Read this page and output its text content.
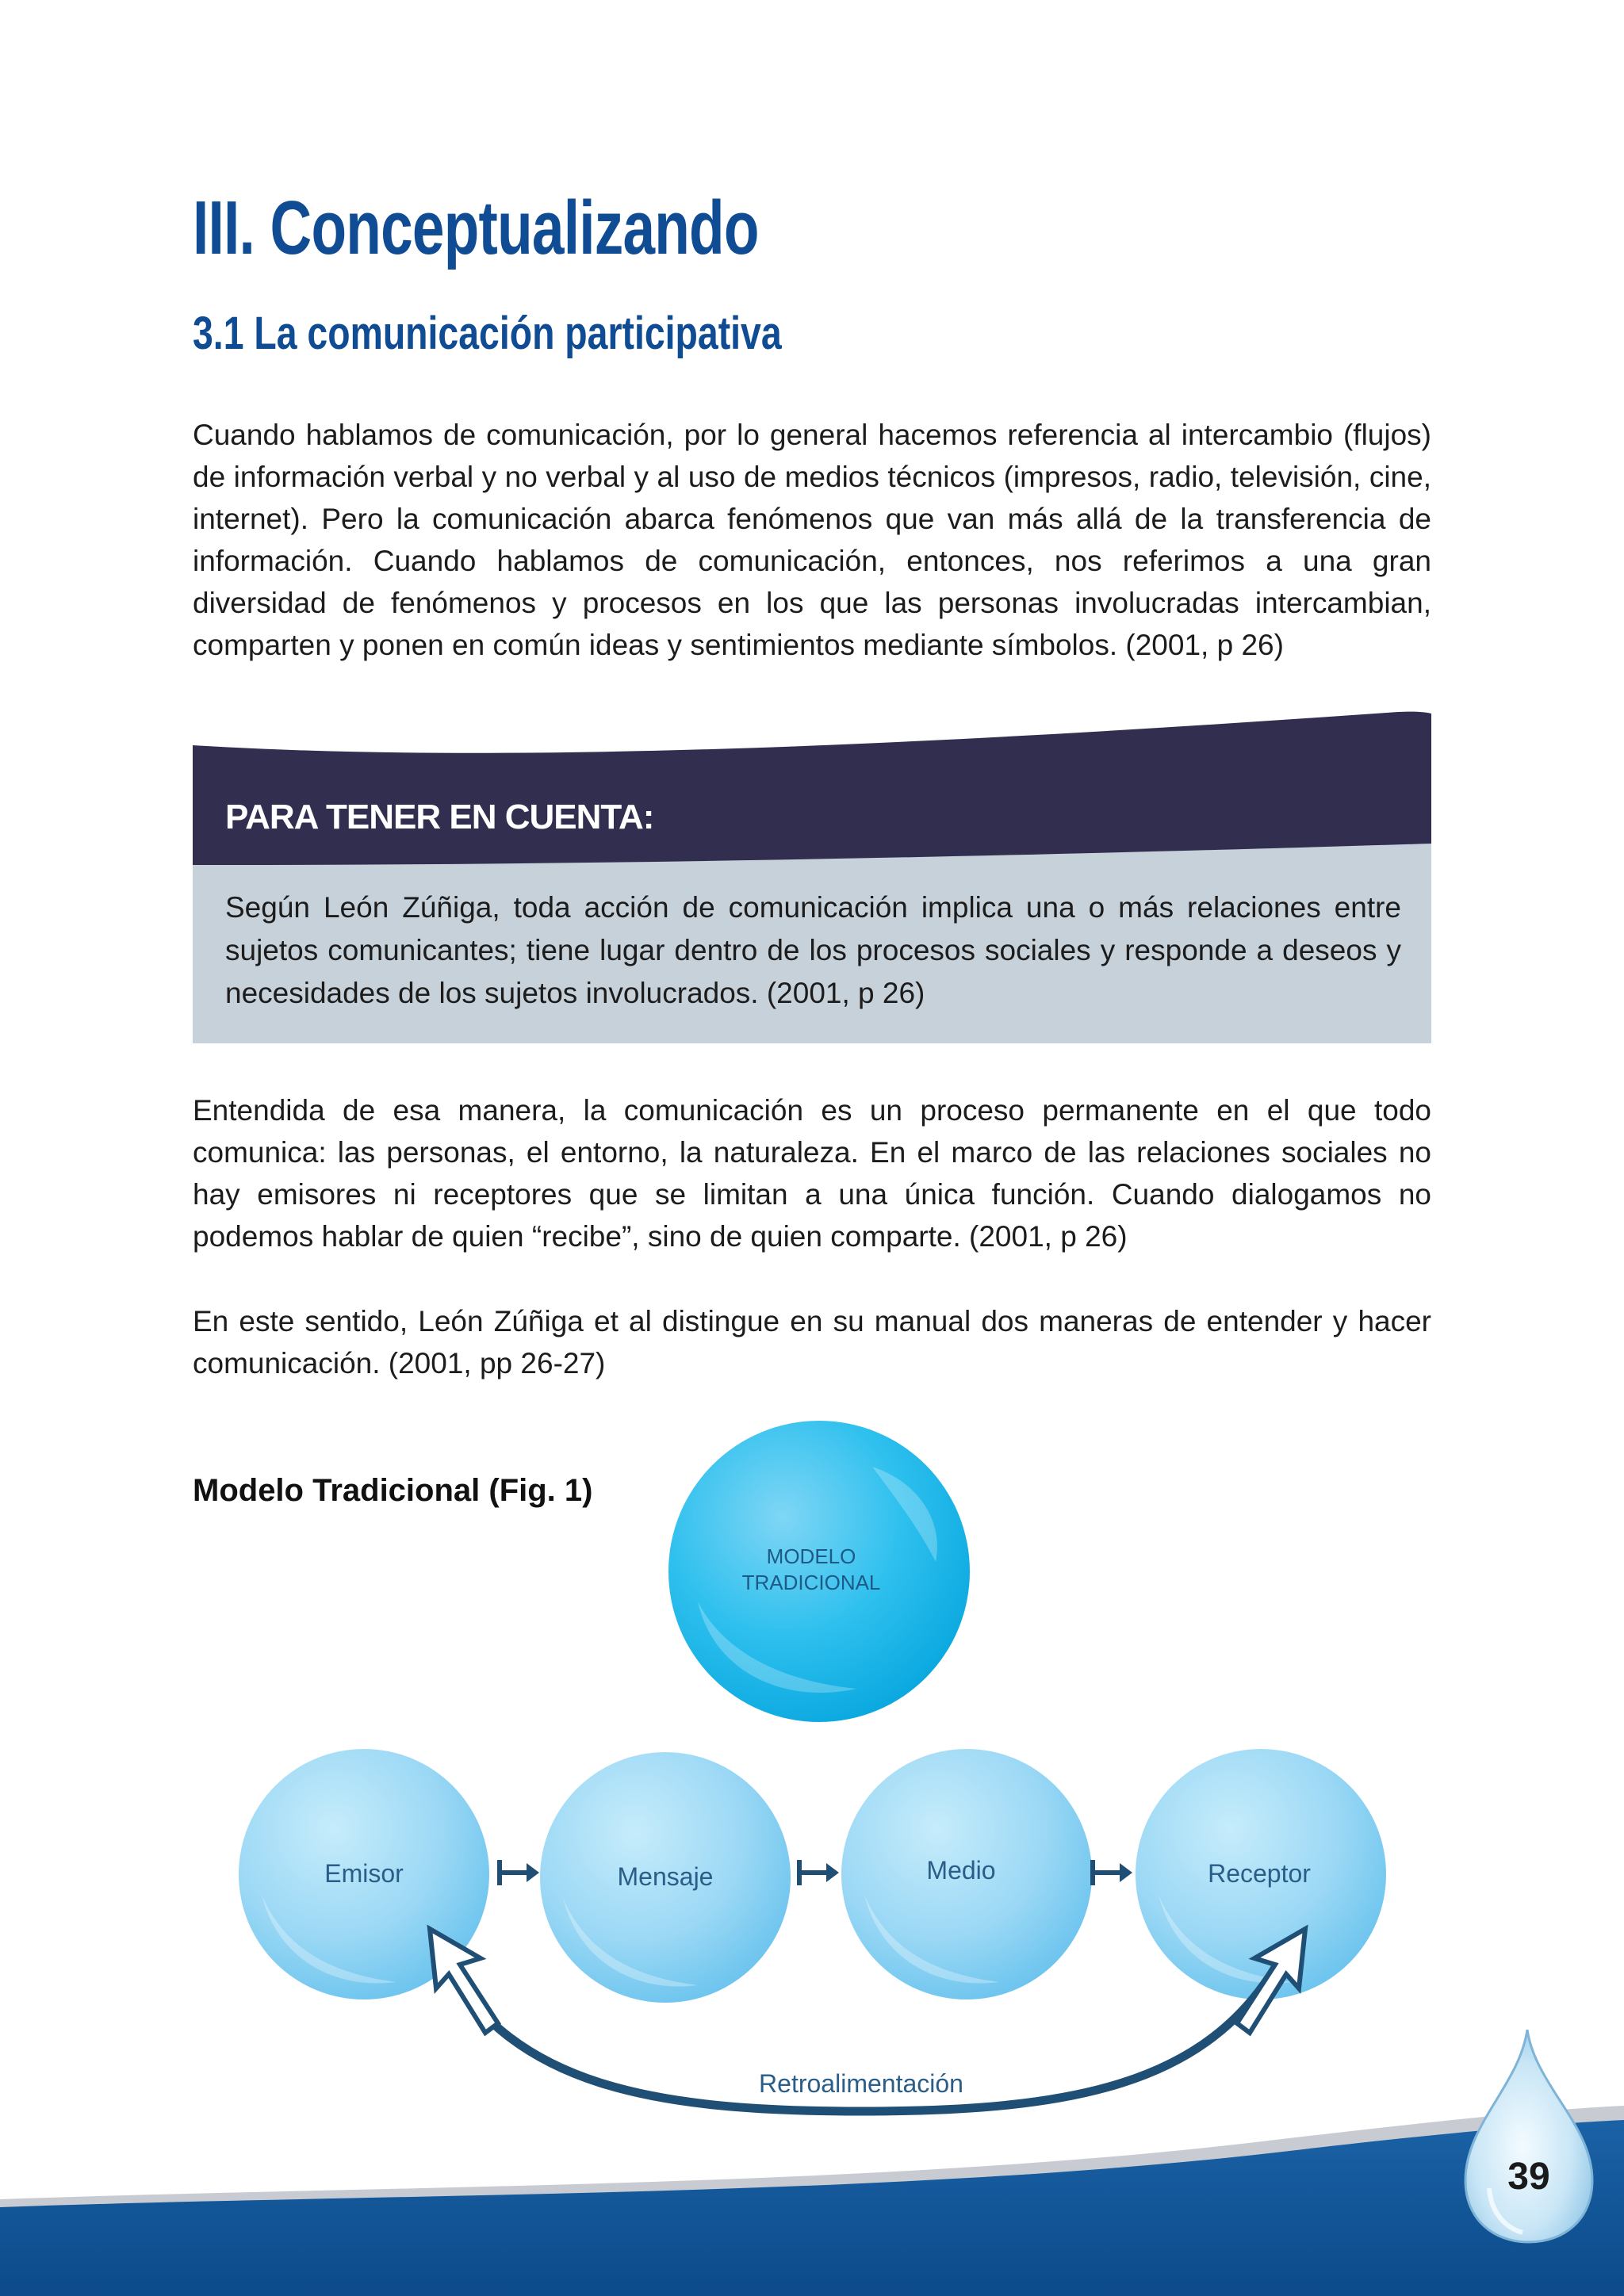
III. Conceptualizando
3.1 La comunicación participativa

Cuando hablamos de comunicación, por lo general hacemos referencia al intercambio (flujos) de información verbal y no verbal y al uso de medios técnicos (impresos, radio, televisión, cine, internet). Pero la comunicación abarca fenómenos que van más allá de la transferencia de información. Cuando hablamos de comunicación, entonces, nos referimos a una gran diversidad de fenómenos y procesos en los que las personas involucradas intercambian, comparten y ponen en común ideas y sentimientos mediante símbolos. (2001, p 26)

PARA TENER EN CUENTA:

Según León Zúñiga, toda acción de comunicación implica una o más relaciones entre sujetos comunicantes; tiene lugar dentro de los procesos sociales y responde a deseos y necesidades de los sujetos involucrados. (2001, p 26)

Entendida de esa manera, la comunicación es un proceso permanente en el que todo comunica: las personas, el entorno, la naturaleza. En el marco de las relaciones sociales no hay emisores ni receptores que se limitan a una única función. Cuando dialogamos no podemos hablar de quien “recibe”, sino de quien comparte. (2001, p 26)

En este sentido, León Zúñiga et al distingue en su manual dos maneras de entender y hacer comunicación. (2001, pp 26-27)

Modelo Tradicional (Fig. 1)

MODELO
TRADICIONAL
Emisor	Mensaje	Medio	Receptor
Retroalimentación
39
